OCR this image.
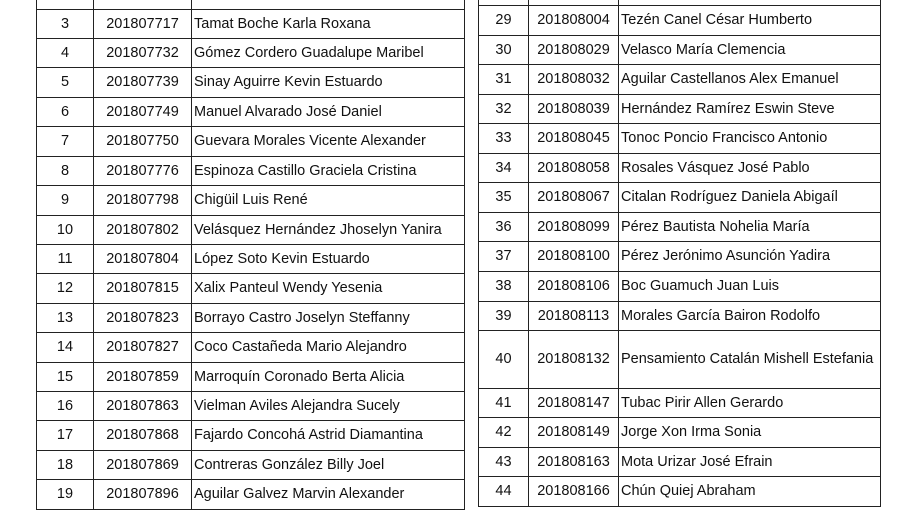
3	201807717	Tamat Boche Karla Roxana
4	201807732	Gómez Cordero Guadalupe Maribel
5	201807739	Sinay Aguirre Kevin Estuardo
6	201807749	Manuel Alvarado José Daniel
7	201807750	Guevara Morales Vicente Alexander
8	201807776	Espinoza Castillo Graciela Cristina
9	201807798	Chigüil Luis René
10	201807802	Velásquez Hernández Jhoselyn Yanira
11	201807804	López Soto Kevin Estuardo
12	201807815	Xalix Panteul Wendy Yesenia
13	201807823	Borrayo Castro Joselyn Steffanny
14	201807827	Coco Castañeda Mario Alejandro
15	201807859	Marroquín Coronado Berta Alicia
16	201807863	Vielman Aviles Alejandra Sucely
17	201807868	Fajardo Concohá Astrid Diamantina
18	201807869	Contreras González Billy Joel
19	201807896	Aguilar Galvez Marvin Alexander

29	201808004	Tezén Canel César Humberto
30	201808029	Velasco María Clemencia
31	201808032	Aguilar Castellanos Alex Emanuel
32	201808039	Hernández Ramírez Eswin Steve
33	201808045	Tonoc Poncio Francisco Antonio
34	201808058	Rosales Vásquez José Pablo
35	201808067	Citalan Rodríguez Daniela Abigaíl
36	201808099	Pérez Bautista Nohelia María
37	201808100	Pérez Jerónimo Asunción Yadira
38	201808106	Boc Guamuch Juan Luis
39	201808113	Morales García Bairon Rodolfo
40	201808132	Pensamiento Catalán Mishell Estefania
41	201808147	Tubac Pirir Allen Gerardo
42	201808149	Jorge Xon Irma Sonia
43	201808163	Mota Urizar José Efrain
44	201808166	Chún Quiej Abraham
